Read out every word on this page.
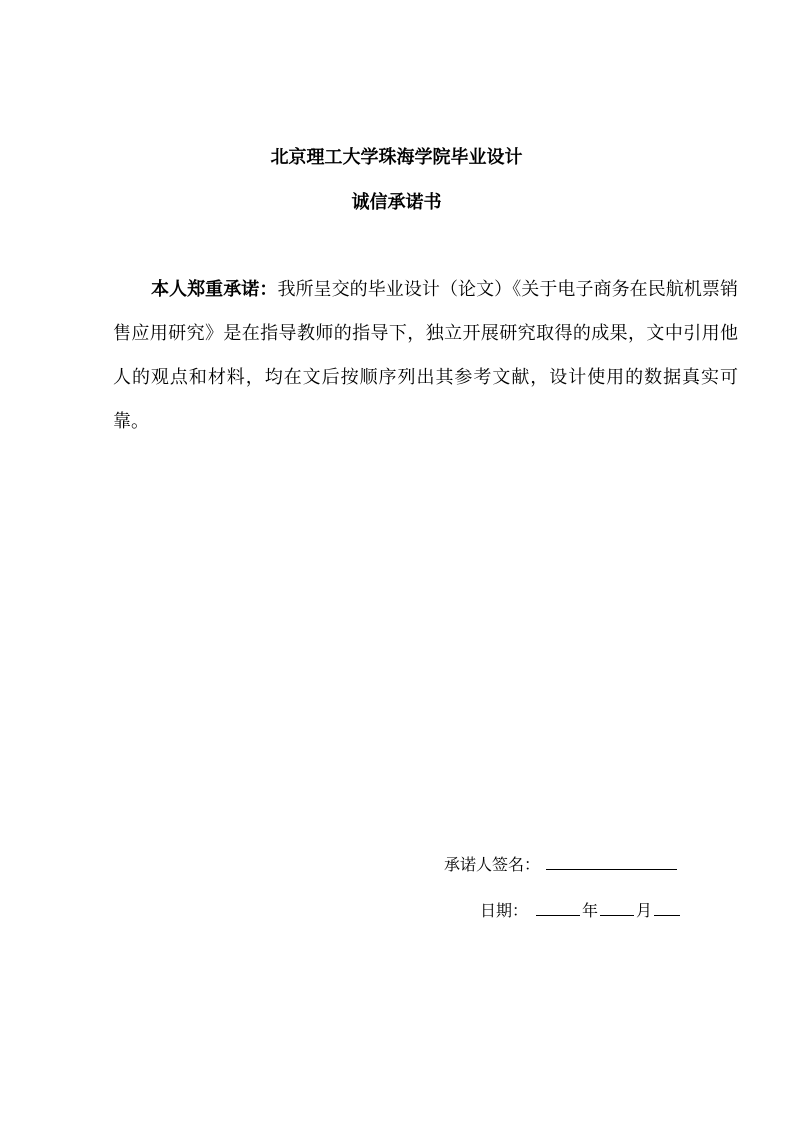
北京理工大学珠海学院毕业设计
诚信承诺书

本人郑重承诺：我所呈交的毕业设计（论文）《关于电子商务在民航机票销售应用研究》是在指导教师的指导下，独立开展研究取得的成果，文中引用他人的观点和材料，均在文后按顺序列出其参考文献，设计使用的数据真实可靠。

承诺人签名：
日期：	年 月
